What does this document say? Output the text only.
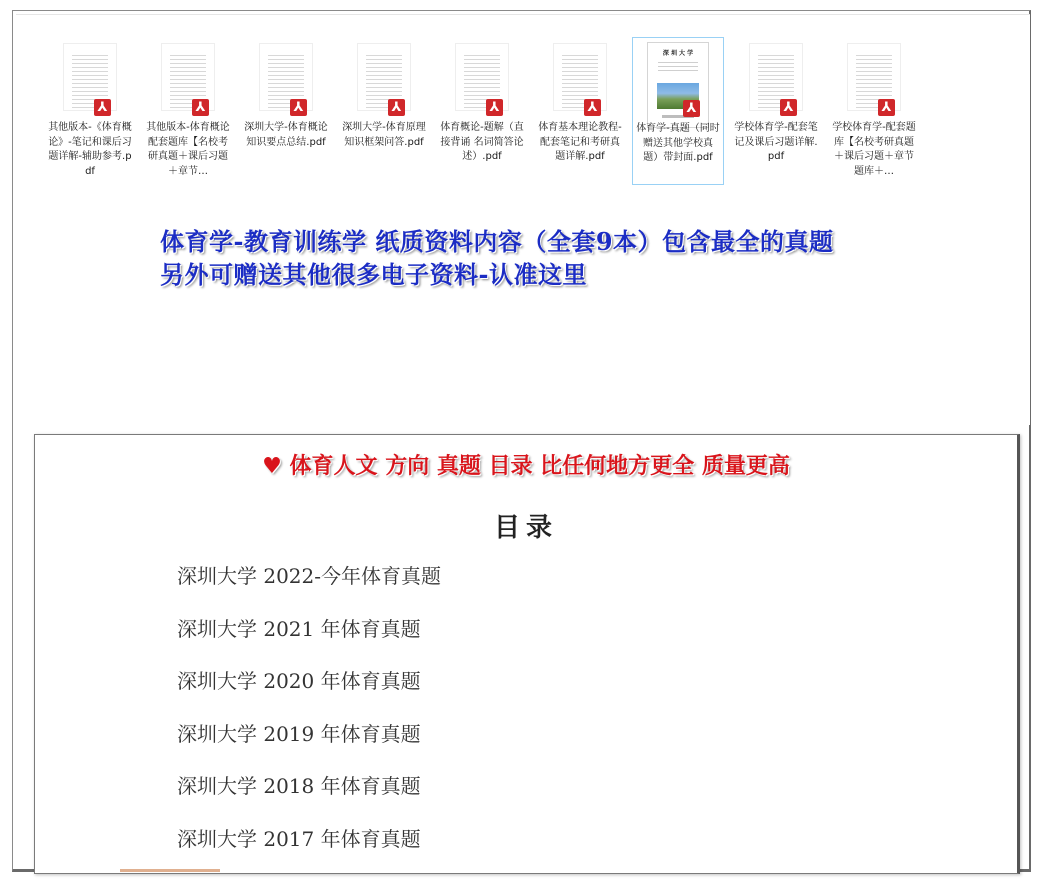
⅄
其他版本-《体育概论》-笔记和课后习题详解-辅助参考.pdf
⅄
其他版本-体育概论配套题库【名校考研真题＋课后习题＋章节…
⅄
深圳大学-体育概论知识要点总结.pdf
⅄
深圳大学-体育原理知识框架问答.pdf
⅄
体育概论-题解（直接背诵 名词简答论述）.pdf
⅄
体育基本理论教程-配套笔记和考研真题详解.pdf
深 圳 大 学
⅄
体育学-真题（同时赠送其他学校真题）带封面.pdf
⅄
学校体育学-配套笔记及课后习题详解.pdf
⅄
学校体育学-配套题库【名校考研真题＋课后习题＋章节题库＋…
体育学-教育训练学 纸质资料内容（全套9本）包含最全的真题
另外可赠送其他很多电子资料-认准这里
♥ 体育人文 方向 真题 目录 比任何地方更全 质量更高
目录
深圳大学 2022-今年体育真题
深圳大学 2021 年体育真题
深圳大学 2020 年体育真题
深圳大学 2019 年体育真题
深圳大学 2018 年体育真题
深圳大学 2017 年体育真题
